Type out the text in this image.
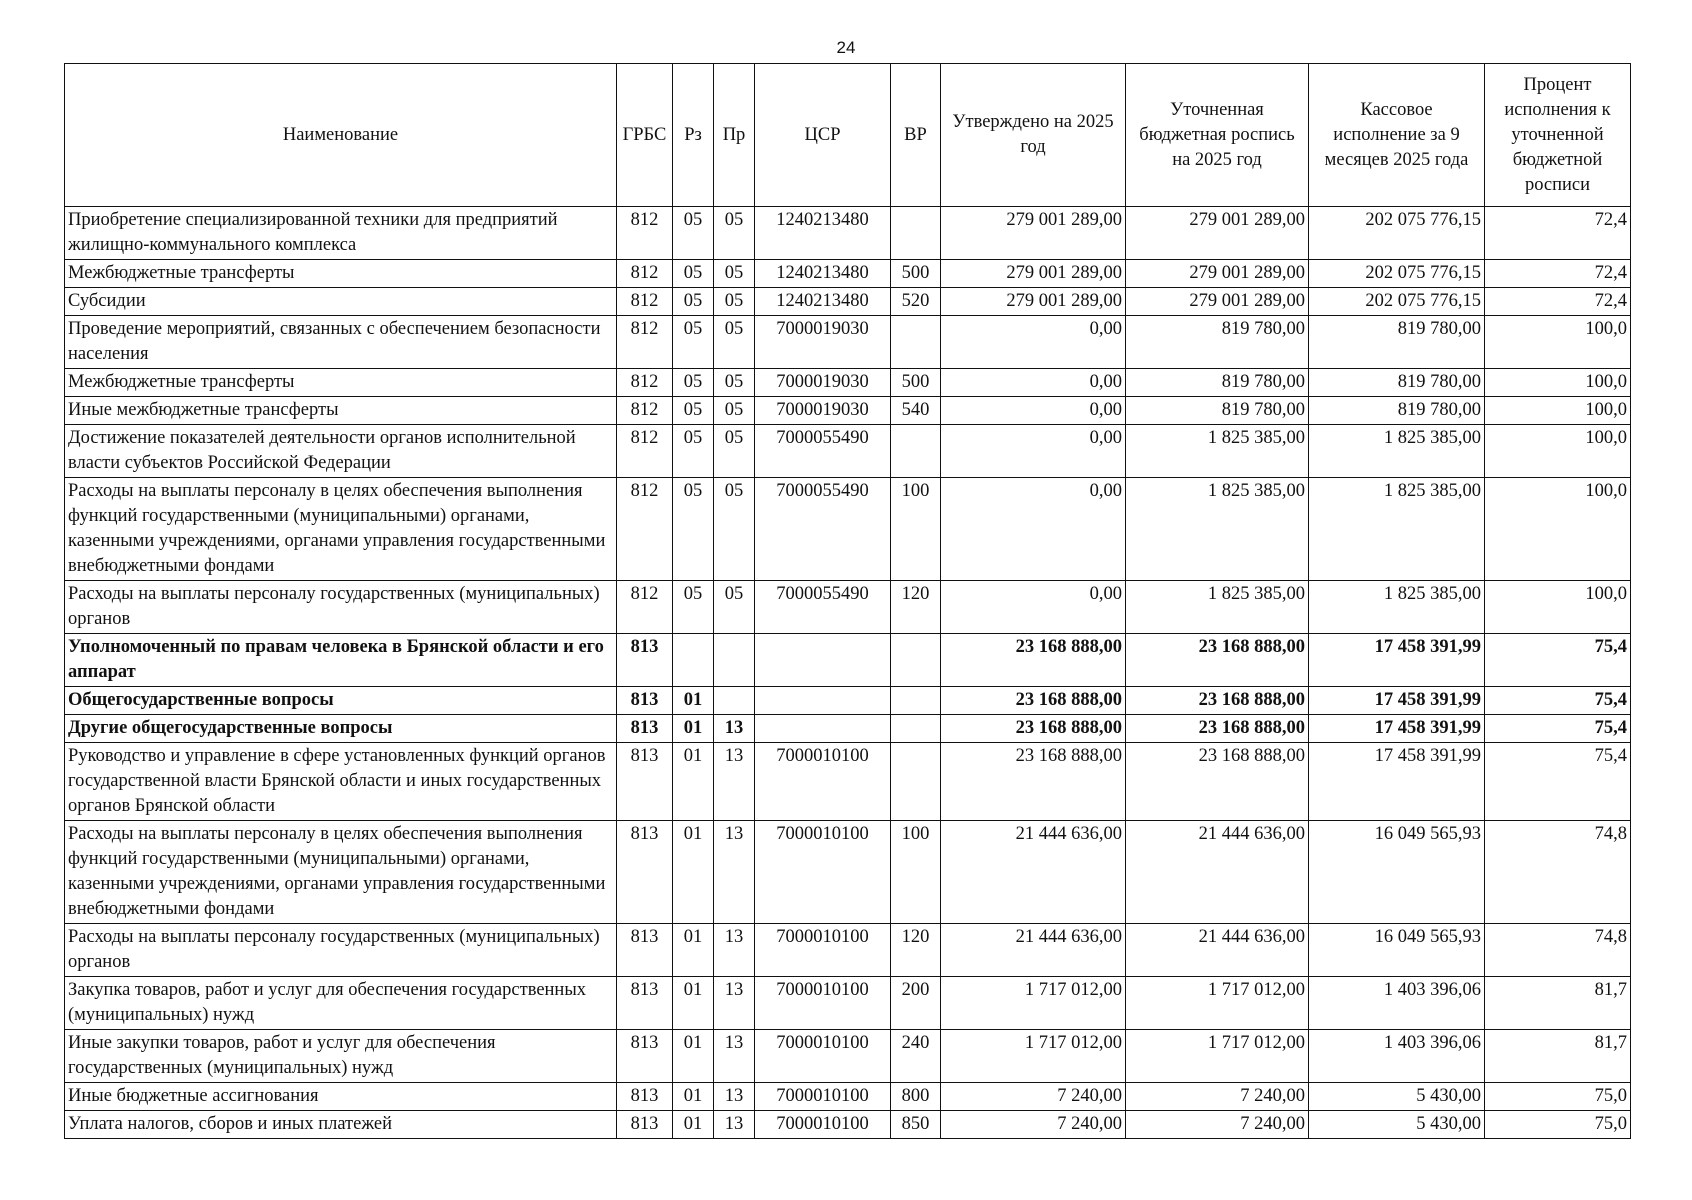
24
Наименование	ГРБС	Рз	Пр	ЦСР	ВР	Утверждено на 2025 год	Уточненная бюджетная роспись на 2025 год	Кассовое исполнение за 9 месяцев 2025 года	Процент исполнения к уточненной бюджетной росписи
Приобретение специализированной техники для предприятий жилищно-коммунального комплекса	812	05	05	1240213480		279 001 289,00	279 001 289,00	202 075 776,15	72,4
Межбюджетные трансферты	812	05	05	1240213480	500	279 001 289,00	279 001 289,00	202 075 776,15	72,4
Субсидии	812	05	05	1240213480	520	279 001 289,00	279 001 289,00	202 075 776,15	72,4
Проведение мероприятий, связанных с обеспечением безопасности населения	812	05	05	7000019030		0,00	819 780,00	819 780,00	100,0
Межбюджетные трансферты	812	05	05	7000019030	500	0,00	819 780,00	819 780,00	100,0
Иные межбюджетные трансферты	812	05	05	7000019030	540	0,00	819 780,00	819 780,00	100,0
Достижение показателей деятельности органов исполнительной власти субъектов Российской Федерации	812	05	05	7000055490		0,00	1 825 385,00	1 825 385,00	100,0
Расходы на выплаты персоналу в целях обеспечения выполнения функций государственными (муниципальными) органами, казенными учреждениями, органами управления государственными внебюджетными фондами	812	05	05	7000055490	100	0,00	1 825 385,00	1 825 385,00	100,0
Расходы на выплаты персоналу государственных (муниципальных) органов	812	05	05	7000055490	120	0,00	1 825 385,00	1 825 385,00	100,0
Уполномоченный по правам человека в Брянской области и его аппарат	813					23 168 888,00	23 168 888,00	17 458 391,99	75,4
Общегосударственные вопросы	813	01				23 168 888,00	23 168 888,00	17 458 391,99	75,4
Другие общегосударственные вопросы	813	01	13			23 168 888,00	23 168 888,00	17 458 391,99	75,4
Руководство и управление в сфере установленных функций органов государственной власти Брянской области и иных государственных органов Брянской области	813	01	13	7000010100		23 168 888,00	23 168 888,00	17 458 391,99	75,4
Расходы на выплаты персоналу в целях обеспечения выполнения функций государственными (муниципальными) органами, казенными учреждениями, органами управления государственными внебюджетными фондами	813	01	13	7000010100	100	21 444 636,00	21 444 636,00	16 049 565,93	74,8
Расходы на выплаты персоналу государственных (муниципальных) органов	813	01	13	7000010100	120	21 444 636,00	21 444 636,00	16 049 565,93	74,8
Закупка товаров, работ и услуг для обеспечения государственных (муниципальных) нужд	813	01	13	7000010100	200	1 717 012,00	1 717 012,00	1 403 396,06	81,7
Иные закупки товаров, работ и услуг для обеспечения государственных (муниципальных) нужд	813	01	13	7000010100	240	1 717 012,00	1 717 012,00	1 403 396,06	81,7
Иные бюджетные ассигнования	813	01	13	7000010100	800	7 240,00	7 240,00	5 430,00	75,0
Уплата налогов, сборов и иных платежей	813	01	13	7000010100	850	7 240,00	7 240,00	5 430,00	75,0
